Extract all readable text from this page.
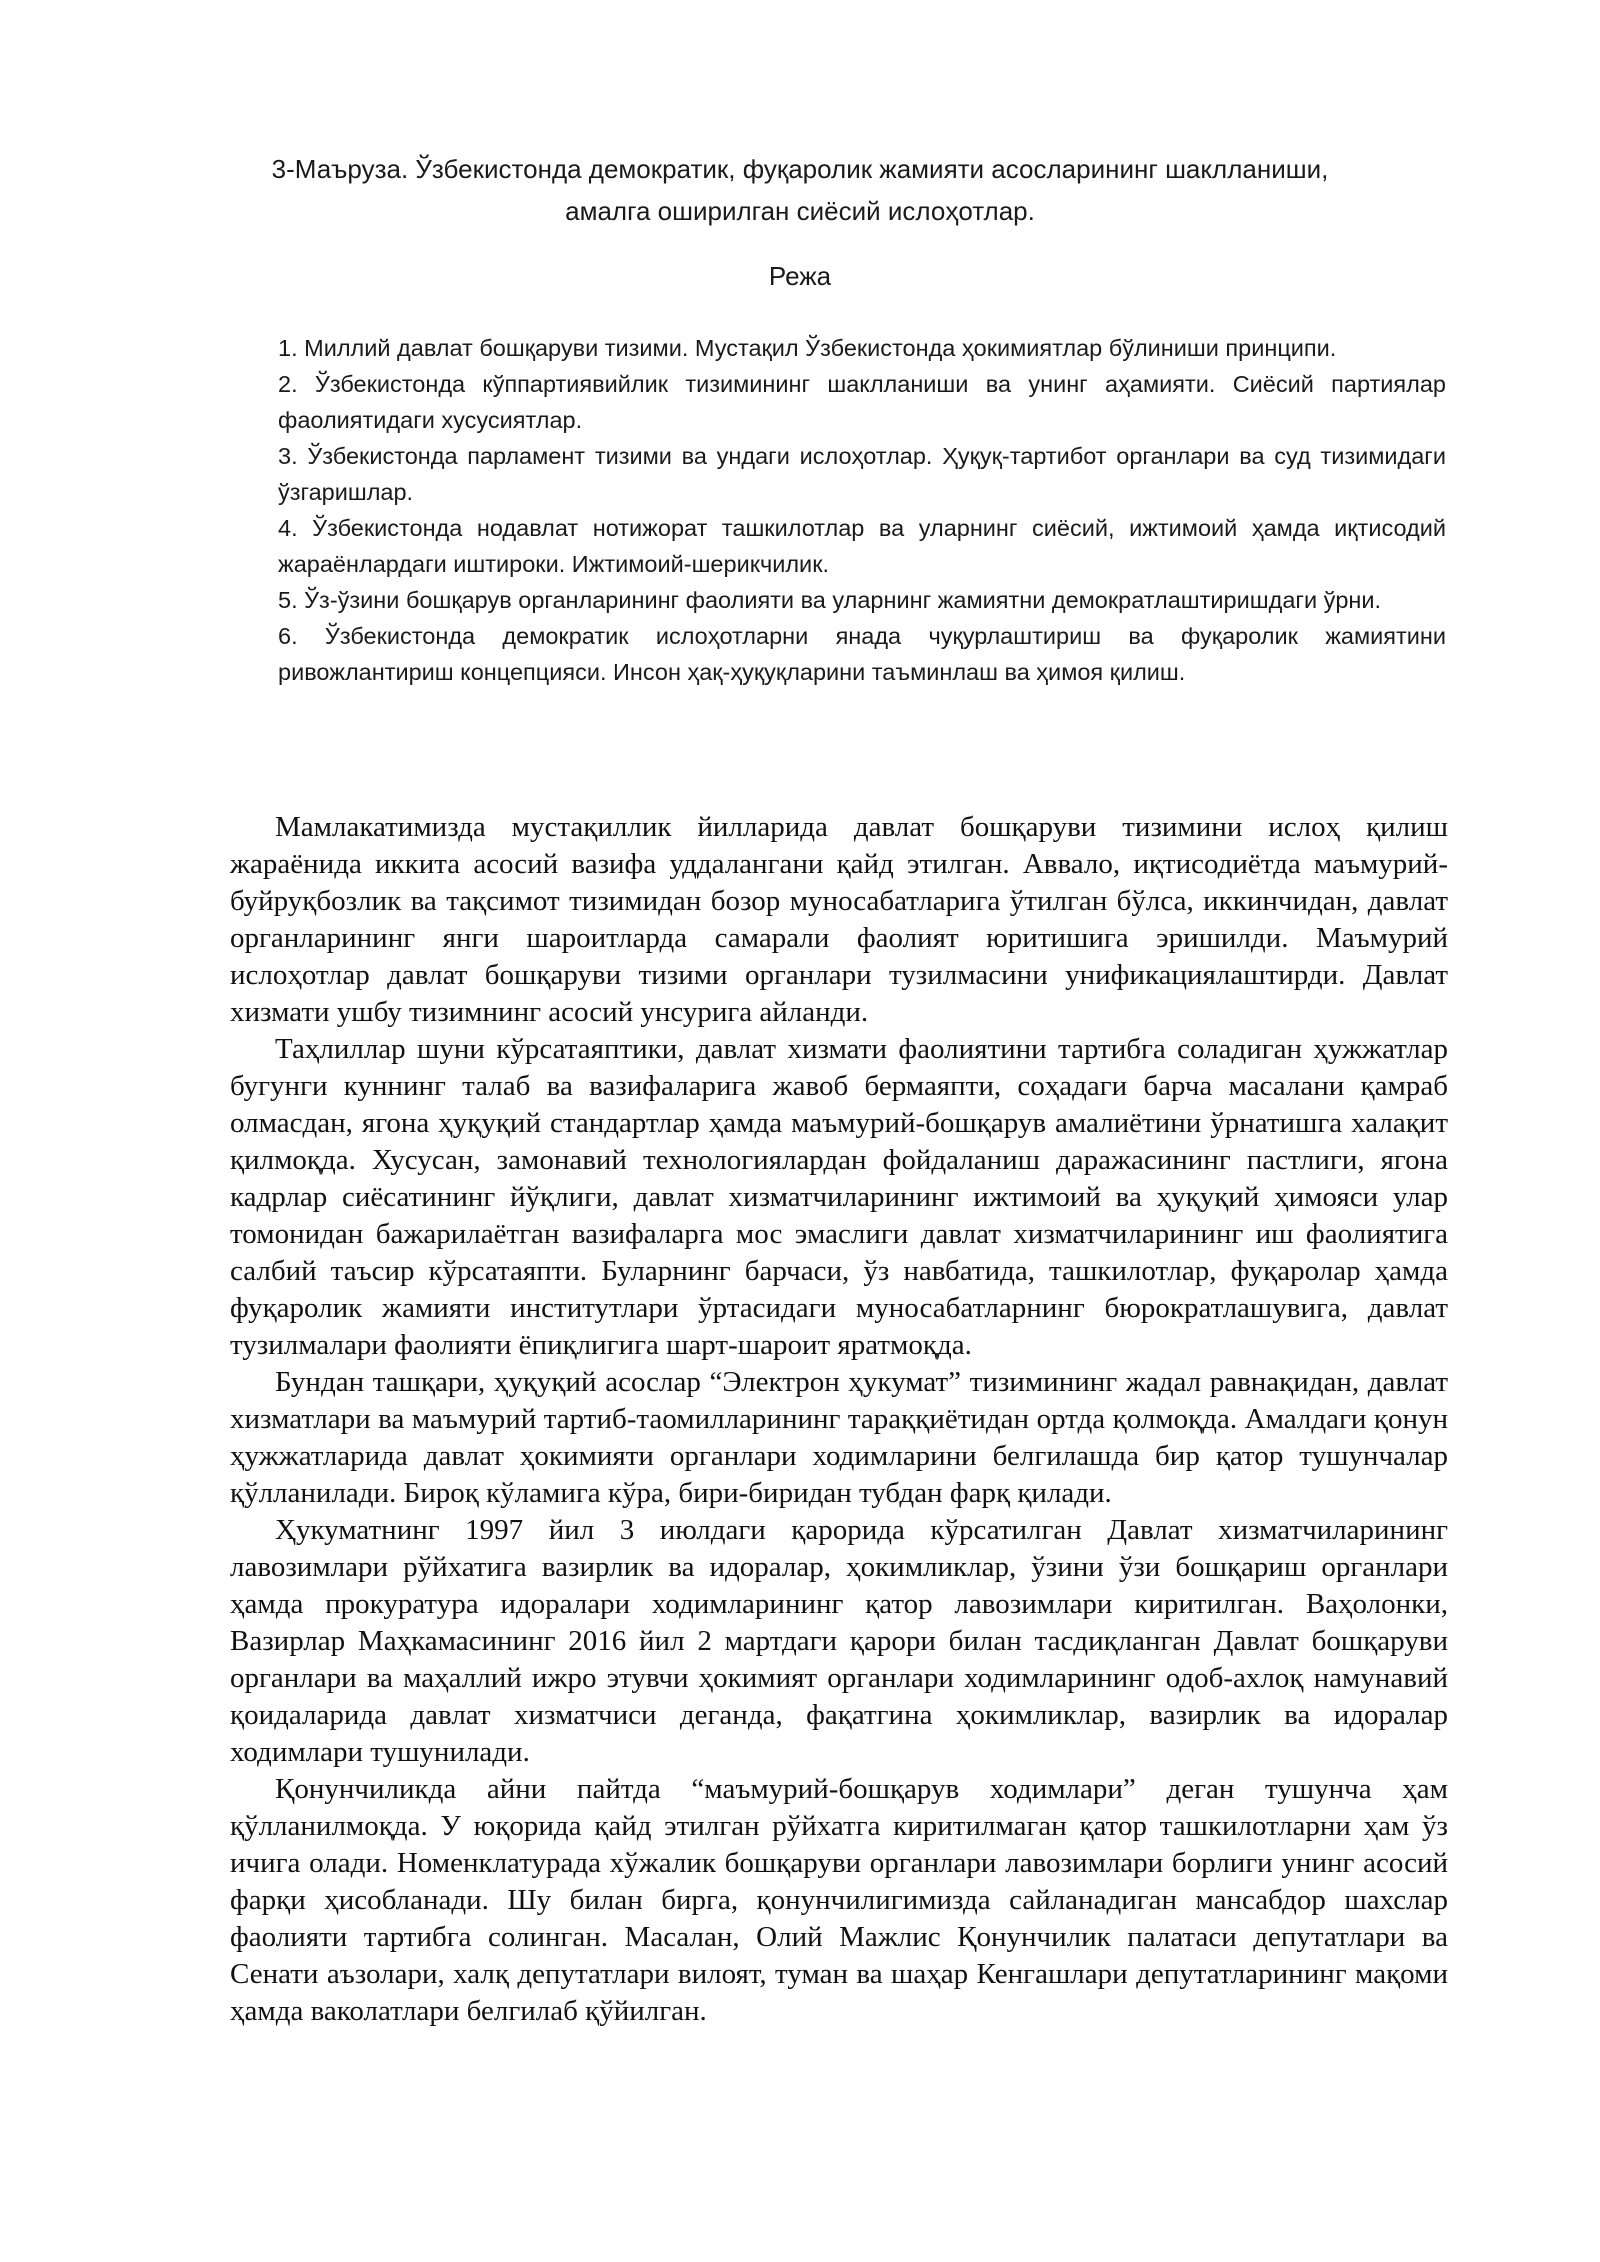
3-Маъруза. Ўзбекистонда демократик, фуқаролик жамияти асосларининг шаклланиши, амалга оширилган сиёсий ислоҳотлар.
Режа
1. Миллий давлат бошқаруви тизими. Мустақил Ўзбекистонда ҳокимиятлар бўлиниши принципи.
2. Ўзбекистонда кўппартиявийлик тизимининг шаклланиши ва унинг аҳамияти. Сиёсий партиялар фаолиятидаги хусусиятлар.
3. Ўзбекистонда парламент тизими ва ундаги ислоҳотлар. Ҳуқуқ-тартибот органлари ва суд тизимидаги ўзгаришлар.
4. Ўзбекистонда нодавлат нотижорат ташкилотлар ва уларнинг сиёсий, ижтимоий ҳамда иқтисодий жараёнлардаги иштироки. Ижтимоий-шерикчилик.
5. Ўз-ўзини бошқарув органларининг фаолияти ва уларнинг жамиятни демократлаштиришдаги ўрни.
6. Ўзбекистонда демократик ислоҳотларни янада чуқурлаштириш ва фуқаролик жамиятини ривожлантириш концепцияси. Инсон ҳақ-ҳуқуқларини таъминлаш ва ҳимоя қилиш.

Мамлакатимизда мустақиллик йилларида давлат бошқаруви тизимини ислоҳ қилиш жараёнида иккита асосий вазифа уддалангани қайд этилган. Аввало, иқтисодиётда маъмурий-буйруқбозлик ва тақсимот тизимидан бозор муносабатларига ўтилган бўлса, иккинчидан, давлат органларининг янги шароитларда самарали фаолият юритишига эришилди. Маъмурий ислоҳотлар давлат бошқаруви тизими органлари тузилмасини унификациялаштирди. Давлат хизмати ушбу тизимнинг асосий унсурига айланди.

Таҳлиллар шуни кўрсатаяптики, давлат хизмати фаолиятини тартибга соладиган ҳужжатлар бугунги куннинг талаб ва вазифаларига жавоб бермаяпти, соҳадаги барча масалани қамраб олмасдан, ягона ҳуқуқий стандартлар ҳамда маъмурий-бошқарув амалиётини ўрнатишга халақит қилмоқда. Хусусан, замонавий технологиялардан фойдаланиш даражасининг пастлиги, ягона кадрлар сиёсатининг йўқлиги, давлат хизматчиларининг ижтимоий ва ҳуқуқий ҳимояси улар томонидан бажарилаётган вазифаларга мос эмаслиги давлат хизматчиларининг иш фаолиятига салбий таъсир кўрсатаяпти. Буларнинг барчаси, ўз навбатида, ташкилотлар, фуқаролар ҳамда фуқаролик жамияти институтлари ўртасидаги муносабатларнинг бюрократлашувига, давлат тузилмалари фаолияти ёпиқлигига шарт-шароит яратмоқда.

Бундан ташқари, ҳуқуқий асослар “Электрон ҳукумат” тизимининг жадал равнақидан, давлат хизматлари ва маъмурий тартиб-таомилларининг тараққиётидан ортда қолмоқда. Амалдаги қонун ҳужжатларида давлат ҳокимияти органлари ходимларини белгилашда бир қатор тушунчалар қўлланилади. Бироқ кўламига кўра, бири-биридан тубдан фарқ қилади.

Ҳукуматнинг 1997 йил 3 июлдаги қарорида кўрсатилган Давлат хизматчиларининг лавозимлари рўйхатига вазирлик ва идоралар, ҳокимликлар, ўзини ўзи бошқариш органлари ҳамда прокуратура идоралари ходимларининг қатор лавозимлари киритилган. Ваҳолонки, Вазирлар Маҳкамасининг 2016 йил 2 мартдаги қарори билан тасдиқланган Давлат бошқаруви органлари ва маҳаллий ижро этувчи ҳокимият органлари ходимларининг одоб-ахлоқ намунавий қоидаларида давлат хизматчиси деганда, фақатгина ҳокимликлар, вазирлик ва идоралар ходимлари тушунилади.

Қонунчиликда айни пайтда “маъмурий-бошқарув ходимлари” деган тушунча ҳам қўлланилмоқда. У юқорида қайд этилган рўйхатга киритилмаган қатор ташкилотларни ҳам ўз ичига олади. Номенклатурада хўжалик бошқаруви органлари лавозимлари борлиги унинг асосий фарқи ҳисобланади. Шу билан бирга, қонунчилигимизда сайланадиган мансабдор шахслар фаолияти тартибга солинган. Масалан, Олий Мажлис Қонунчилик палатаси депутатлари ва Сенати аъзолари, халқ депутатлари вилоят, туман ва шаҳар Кенгашлари депутатларининг мақоми ҳамда ваколатлари белгилаб қўйилган.
